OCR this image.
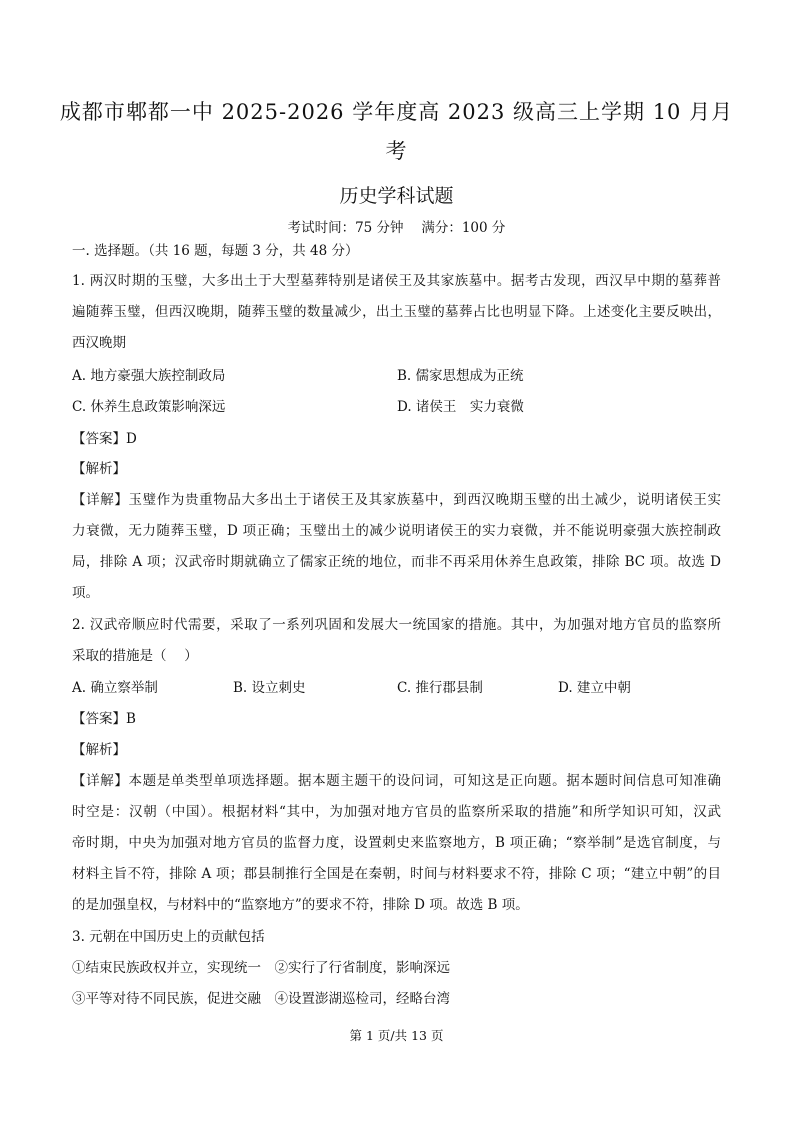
成都市郫都一中 2025-2026 学年度高 2023 级高三上学期 10 月月
考
历史学科试题
考试时间：75 分钟　 满分：100 分
一. 选择题。（共 16 题，每题 3 分，共 48 分）
1. 两汉时期的玉璧，大多出土于大型墓葬特别是诸侯王及其家族墓中。据考古发现，西汉早中期的墓葬普
遍随葬玉璧，但西汉晚期，随葬玉璧的数量减少，出土玉璧的墓葬占比也明显下降。上述变化主要反映出，
西汉晚期
A. 地方豪强大族控制政局	B. 儒家思想成为正统
C. 休养生息政策影响深远	D. 诸侯王　实力衰微
【答案】D
【解析】
【详解】玉璧作为贵重物品大多出土于诸侯王及其家族墓中，到西汉晚期玉璧的出土减少，说明诸侯王实
力衰微，无力随葬玉璧，D 项正确；玉璧出土的减少说明诸侯王的实力衰微，并不能说明豪强大族控制政
局，排除 A 项；汉武帝时期就确立了儒家正统的地位，而非不再采用休养生息政策，排除 BC 项。故选 D
项。
2. 汉武帝顺应时代需要，采取了一系列巩固和发展大一统国家的措施。其中，为加强对地方官员的监察所
采取的措施是（　 ）
A. 确立察举制	B. 设立刺史	C. 推行郡县制	D. 建立中朝
【答案】B
【解析】
【详解】本题是单类型单项选择题。据本题主题干的设问词，可知这是正向题。据本题时间信息可知准确
时空是：汉朝（中国）。根据材料“其中，为加强对地方官员的监察所采取的措施”和所学知识可知，汉武
帝时期，中央为加强对地方官员的监督力度，设置刺史来监察地方，B 项正确；“察举制”是选官制度，与
材料主旨不符，排除 A 项；郡县制推行全国是在秦朝，时间与材料要求不符，排除 C 项；“建立中朝”的目
的是加强皇权，与材料中的“监察地方”的要求不符，排除 D 项。故选 B 项。
3. 元朝在中国历史上的贡献包括
①结束民族政权并立，实现统一　②实行了行省制度，影响深远
③平等对待不同民族，促进交融　④设置澎湖巡检司，经略台湾
第 1 页/共 13 页
